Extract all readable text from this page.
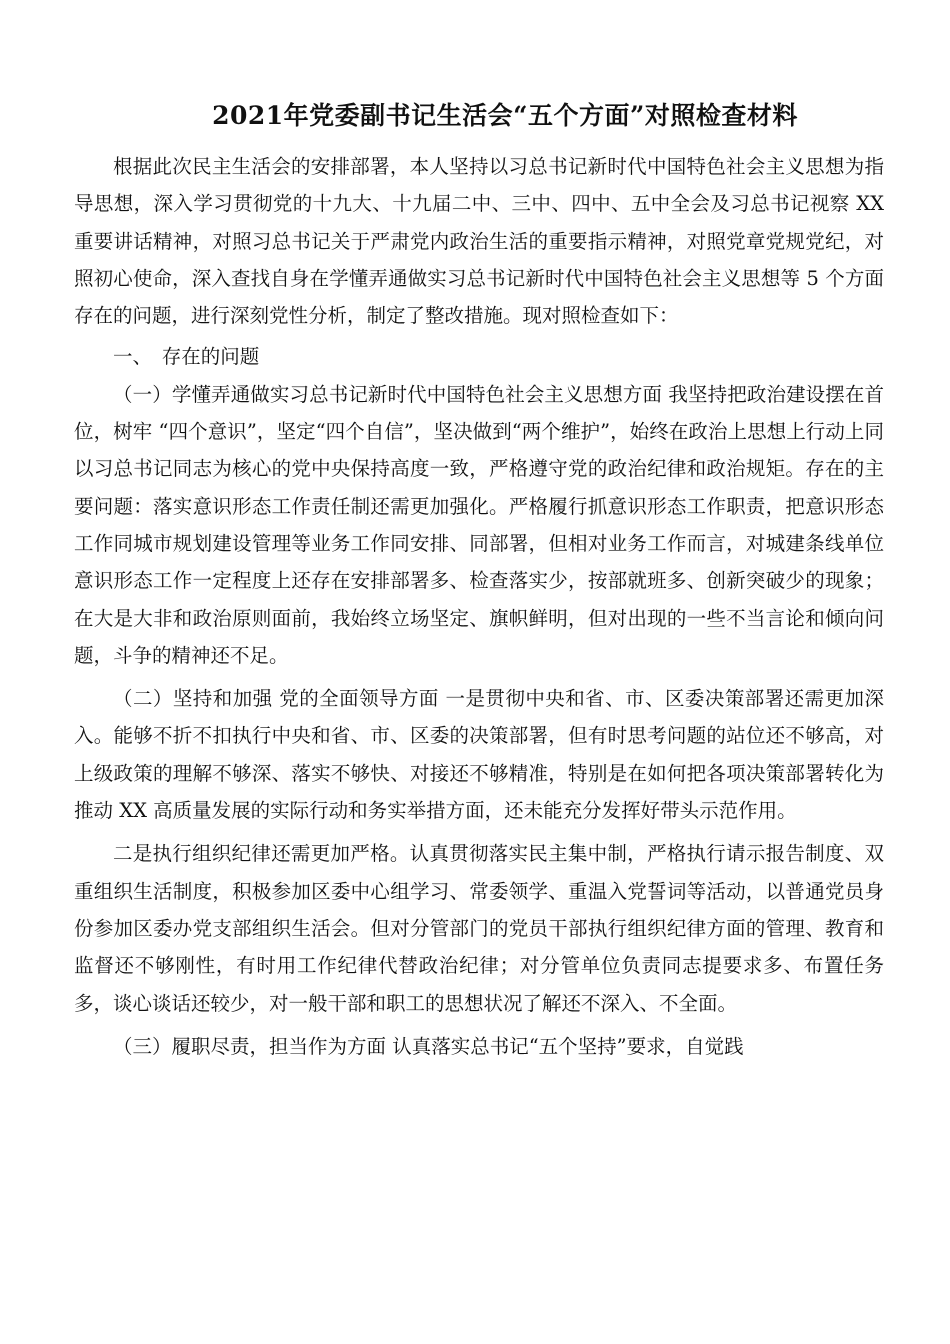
2021年党委副书记生活会“五个方面”对照检查材料

根据此次民主生活会的安排部署，本人坚持以习总书记新时代中国特色社会主义思想为指导思想，深入学习贯彻党的十九大、十九届二中、三中、四中、五中全会及习总书记视察 XX 重要讲话精神，对照习总书记关于严肃党内政治生活的重要指示精神，对照党章党规党纪，对照初心使命，深入查找自身在学懂弄通做实习总书记新时代中国特色社会主义思想等 5 个方面存在的问题，进行深刻党性分析，制定了整改措施。现对照检查如下：

一、　存在的问题

（一）学懂弄通做实习总书记新时代中国特色社会主义思想方面 我坚持把政治建设摆在首位，树牢 “四个意识”，坚定“四个自信”，坚决做到“两个维护”，始终在政治上思想上行动上同以习总书记同志为核心的党中央保持高度一致，严格遵守党的政治纪律和政治规矩。存在的主要问题：落实意识形态工作责任制还需更加强化。严格履行抓意识形态工作职责，把意识形态工作同城市规划建设管理等业务工作同安排、同部署，但相对业务工作而言，对城建条线单位意识形态工作一定程度上还存在安排部署多、检查落实少，按部就班多、创新突破少的现象；在大是大非和政治原则面前，我始终立场坚定、旗帜鲜明，但对出现的一些不当言论和倾向问题，斗争的精神还不足。

（二）坚持和加强 党的全面领导方面 一是贯彻中央和省、市、区委决策部署还需更加深入。能够不折不扣执行中央和省、市、区委的决策部署，但有时思考问题的站位还不够高，对上级政策的理解不够深、落实不够快、对接还不够精准，特别是在如何把各项决策部署转化为推动 XX 高质量发展的实际行动和务实举措方面，还未能充分发挥好带头示范作用。

二是执行组织纪律还需更加严格。认真贯彻落实民主集中制，严格执行请示报告制度、双重组织生活制度，积极参加区委中心组学习、常委领学、重温入党誓词等活动，以普通党员身份参加区委办党支部组织生活会。但对分管部门的党员干部执行组织纪律方面的管理、教育和监督还不够刚性，有时用工作纪律代替政治纪律；对分管单位负责同志提要求多、布置任务多，谈心谈话还较少，对一般干部和职工的思想状况了解还不深入、不全面。

（三）履职尽责，担当作为方面 认真落实总书记“五个坚持”要求，自觉践
